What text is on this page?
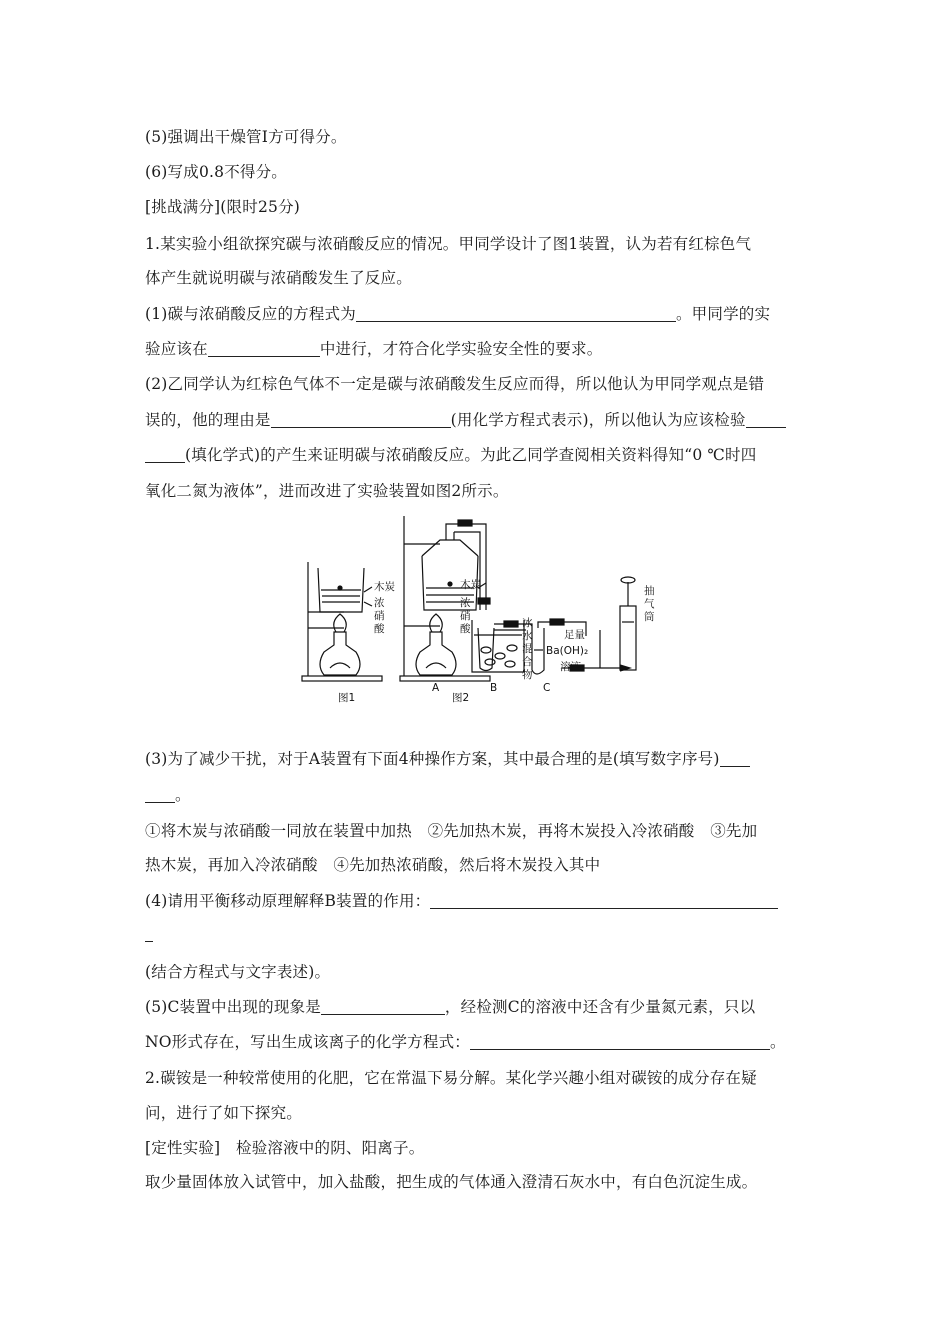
(5)强调出干燥管Ⅰ方可得分。
(6)写成0.8不得分。
[挑战满分](限时25分)
1.某实验小组欲探究碳与浓硝酸反应的情况。甲同学设计了图1装置，认为若有红棕色气
体产生就说明碳与浓硝酸发生了反应。
(1)碳与浓硝酸反应的方程式为	。甲同学的实
验应该在	中进行，才符合化学实验安全性的要求。
(2)乙同学认为红棕色气体不一定是碳与浓硝酸发生反应而得，所以他认为甲同学观点是错
误的，他的理由是	(用化学方程式表示)，所以他认为应该检验
(填化学式)的产生来证明碳与浓硝酸反应。为此乙同学查阅相关资料得知“0 ℃时四
氧化二氮为液体”，进而改进了实验装置如图2所示。
图1	图2
A	B	C
木炭
浓
硝
酸
木炭
浓
硝
酸	冰
水
混
合
物
足量
Ba(OH)₂
溶液
抽
气
筒
(3)为了减少干扰，对于A装置有下面4种操作方案，其中最合理的是(填写数字序号)
。
①将木炭与浓硝酸一同放在装置中加热　②先加热木炭，再将木炭投入冷浓硝酸　③先加
热木炭，再加入冷浓硝酸　④先加热浓硝酸，然后将木炭投入其中
(4)请用平衡移动原理解释B装置的作用：
(结合方程式与文字表述)。
(5)C装置中出现的现象是	，经检测C的溶液中还含有少量氮元素，只以
NO形式存在，写出生成该离子的化学方程式：	。
2.碳铵是一种较常使用的化肥，它在常温下易分解。某化学兴趣小组对碳铵的成分存在疑
问，进行了如下探究。
[定性实验]　检验溶液中的阴、阳离子。
取少量固体放入试管中，加入盐酸，把生成的气体通入澄清石灰水中，有白色沉淀生成。
